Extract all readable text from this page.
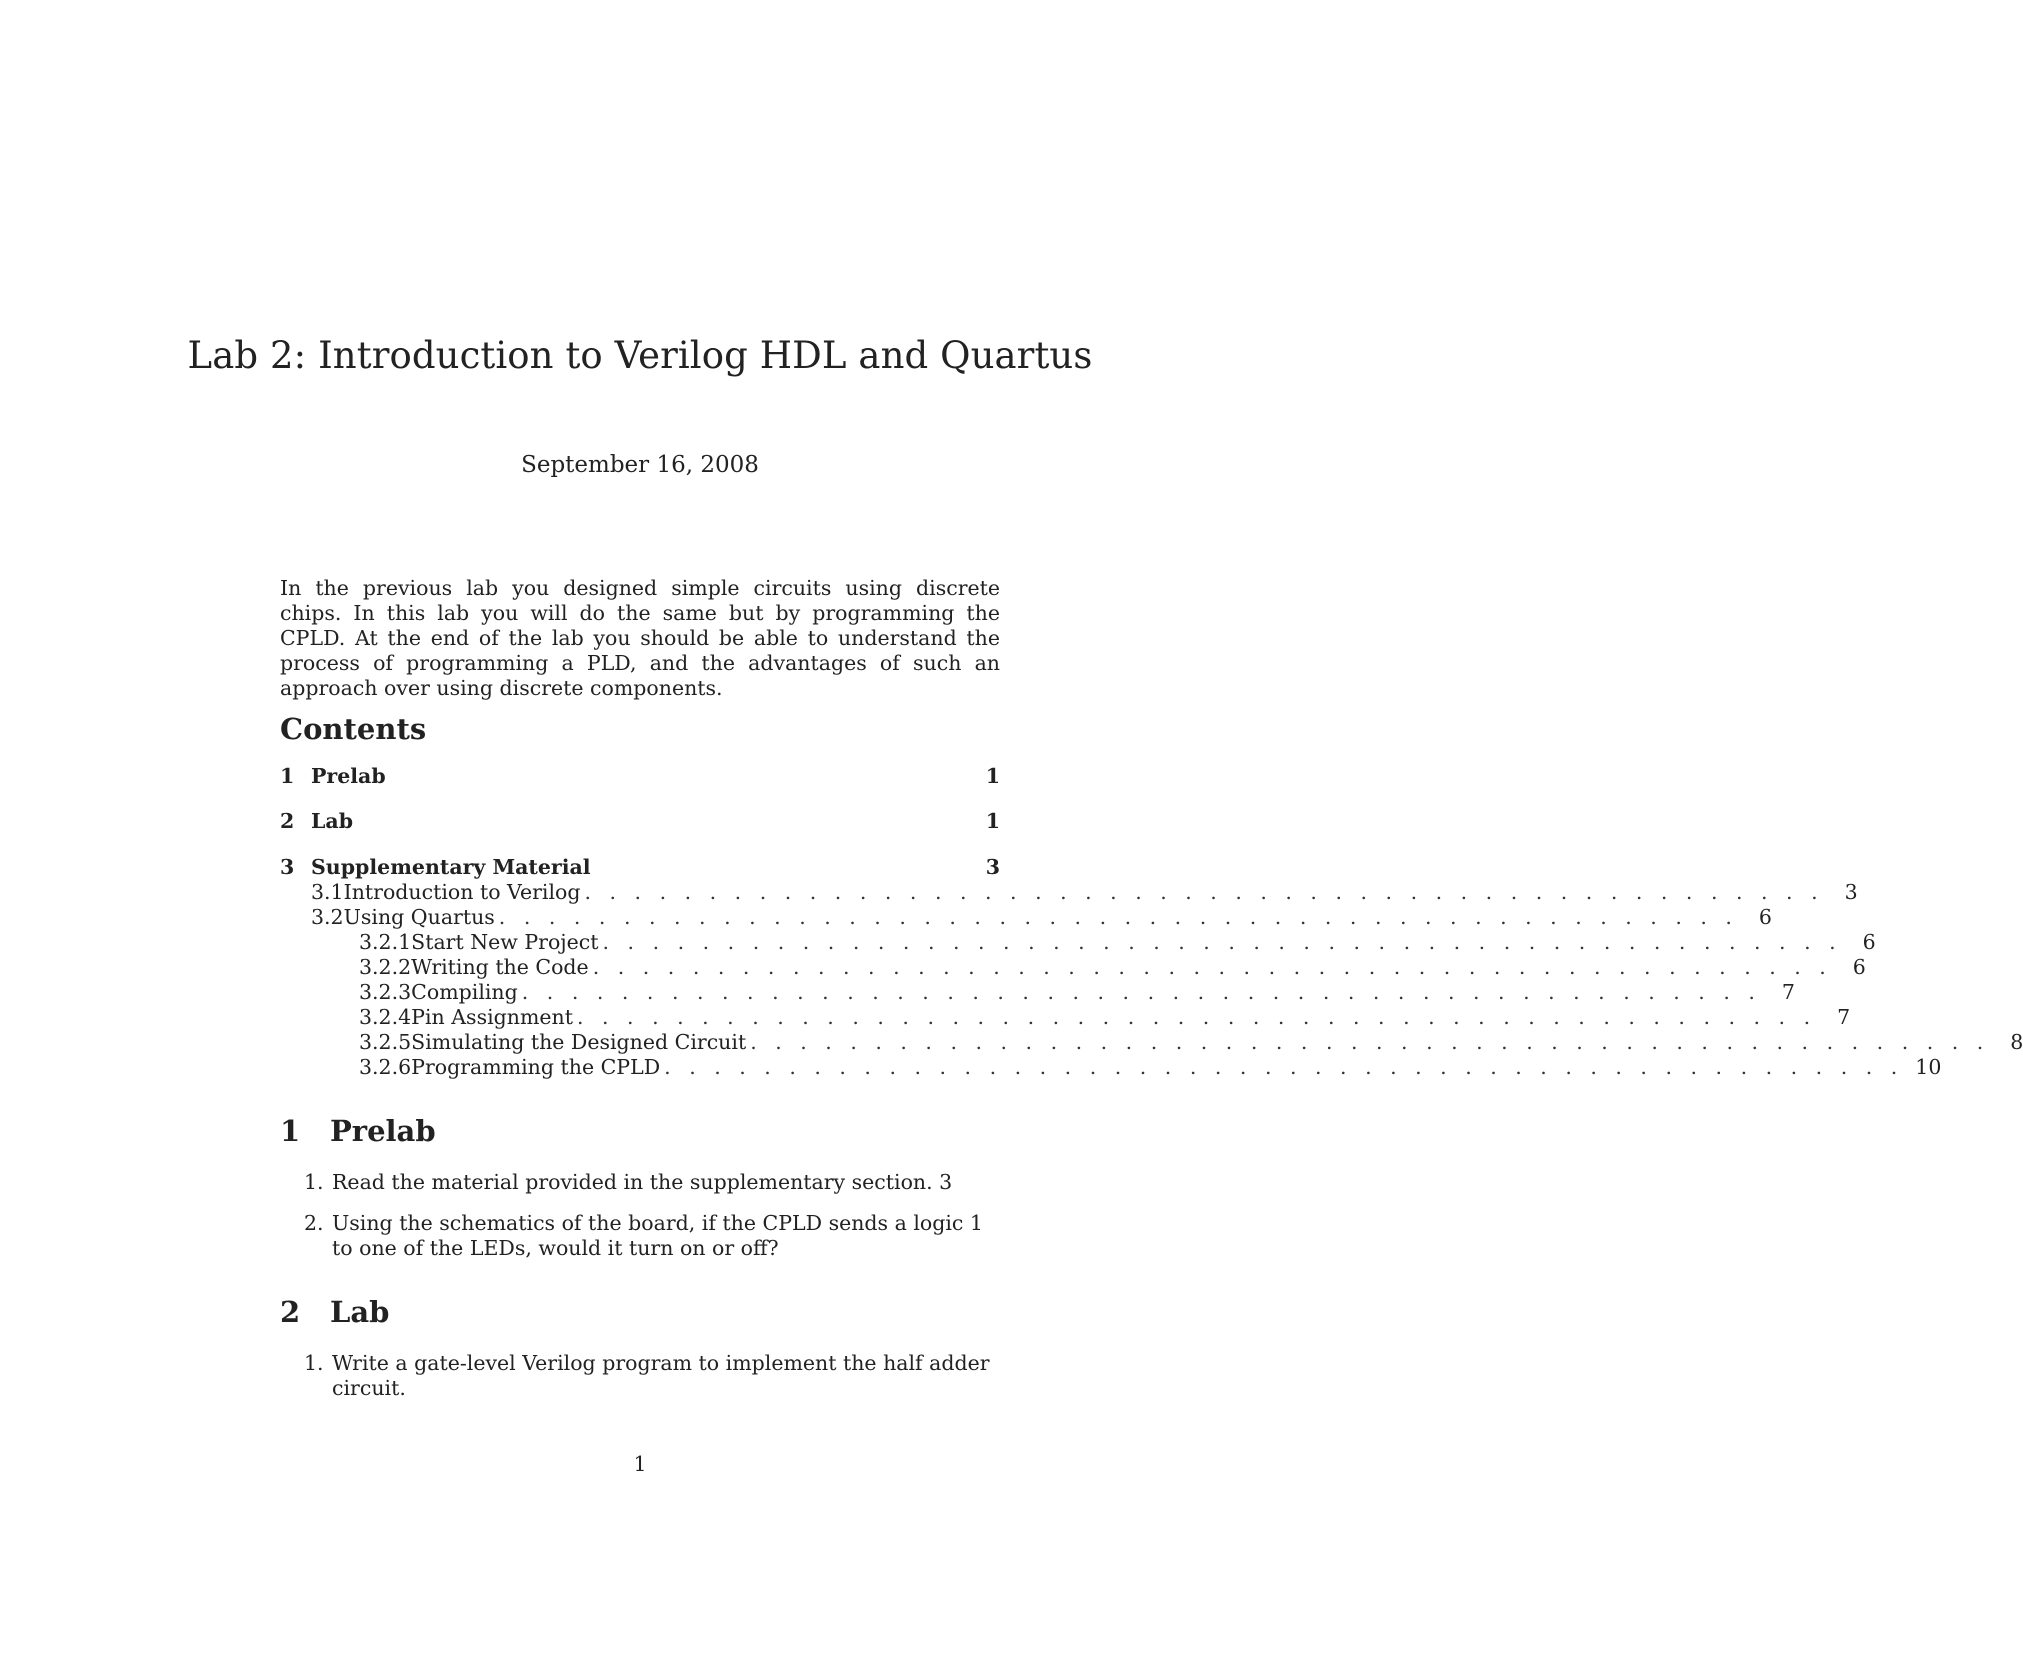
Lab 2: Introduction to Verilog HDL and Quartus
September 16, 2008
In the previous lab you designed simple circuits using discrete chips. In this lab you will do the same but by programming the CPLD. At the end of the lab you should be able to understand the process of programming a PLD, and the advantages of such an approach over using discrete components.
Contents
1 Prelab	1
2 Lab	1
3 Supplementary Material	3
3.1 Introduction to Verilog . . . . . . . . . . . . . . . . . . . . . . . . . . . . . . . . . . . . . . . . . . . . . . . . . .	3
3.2 Using Quartus . . . . . . . . . . . . . . . . . . . . . . . . . . . . . . . . . . . . . . . . . . . . . . . . . .	6
3.2.1 Start New Project . . . . . . . . . . . . . . . . . . . . . . . . . . . . . . . . . . . . . . . . . . . . . . . . . .	6
3.2.2 Writing the Code . . . . . . . . . . . . . . . . . . . . . . . . . . . . . . . . . . . . . . . . . . . . . . . . . .	6
3.2.3 Compiling . . . . . . . . . . . . . . . . . . . . . . . . . . . . . . . . . . . . . . . . . . . . . . . . . .	7
3.2.4 Pin Assignment . . . . . . . . . . . . . . . . . . . . . . . . . . . . . . . . . . . . . . . . . . . . . . . . . .	7
3.2.5 Simulating the Designed Circuit . . . . . . . . . . . . . . . . . . . . . . . . . . . . . . . . . . . . . . . . . . . . . . . . . .	8
3.2.6 Programming the CPLD . . . . . . . . . . . . . . . . . . . . . . . . . . . . . . . . . . . . . . . . . . . . . . . . . . 10
1 Prelab
1. Read the material provided in the supplementary section. 3
2. Using the schematics of the board, if the CPLD sends a logic 1 to one of the LEDs, would it turn on or off?
2 Lab
1. Write a gate-level Verilog program to implement the half adder circuit.
1
